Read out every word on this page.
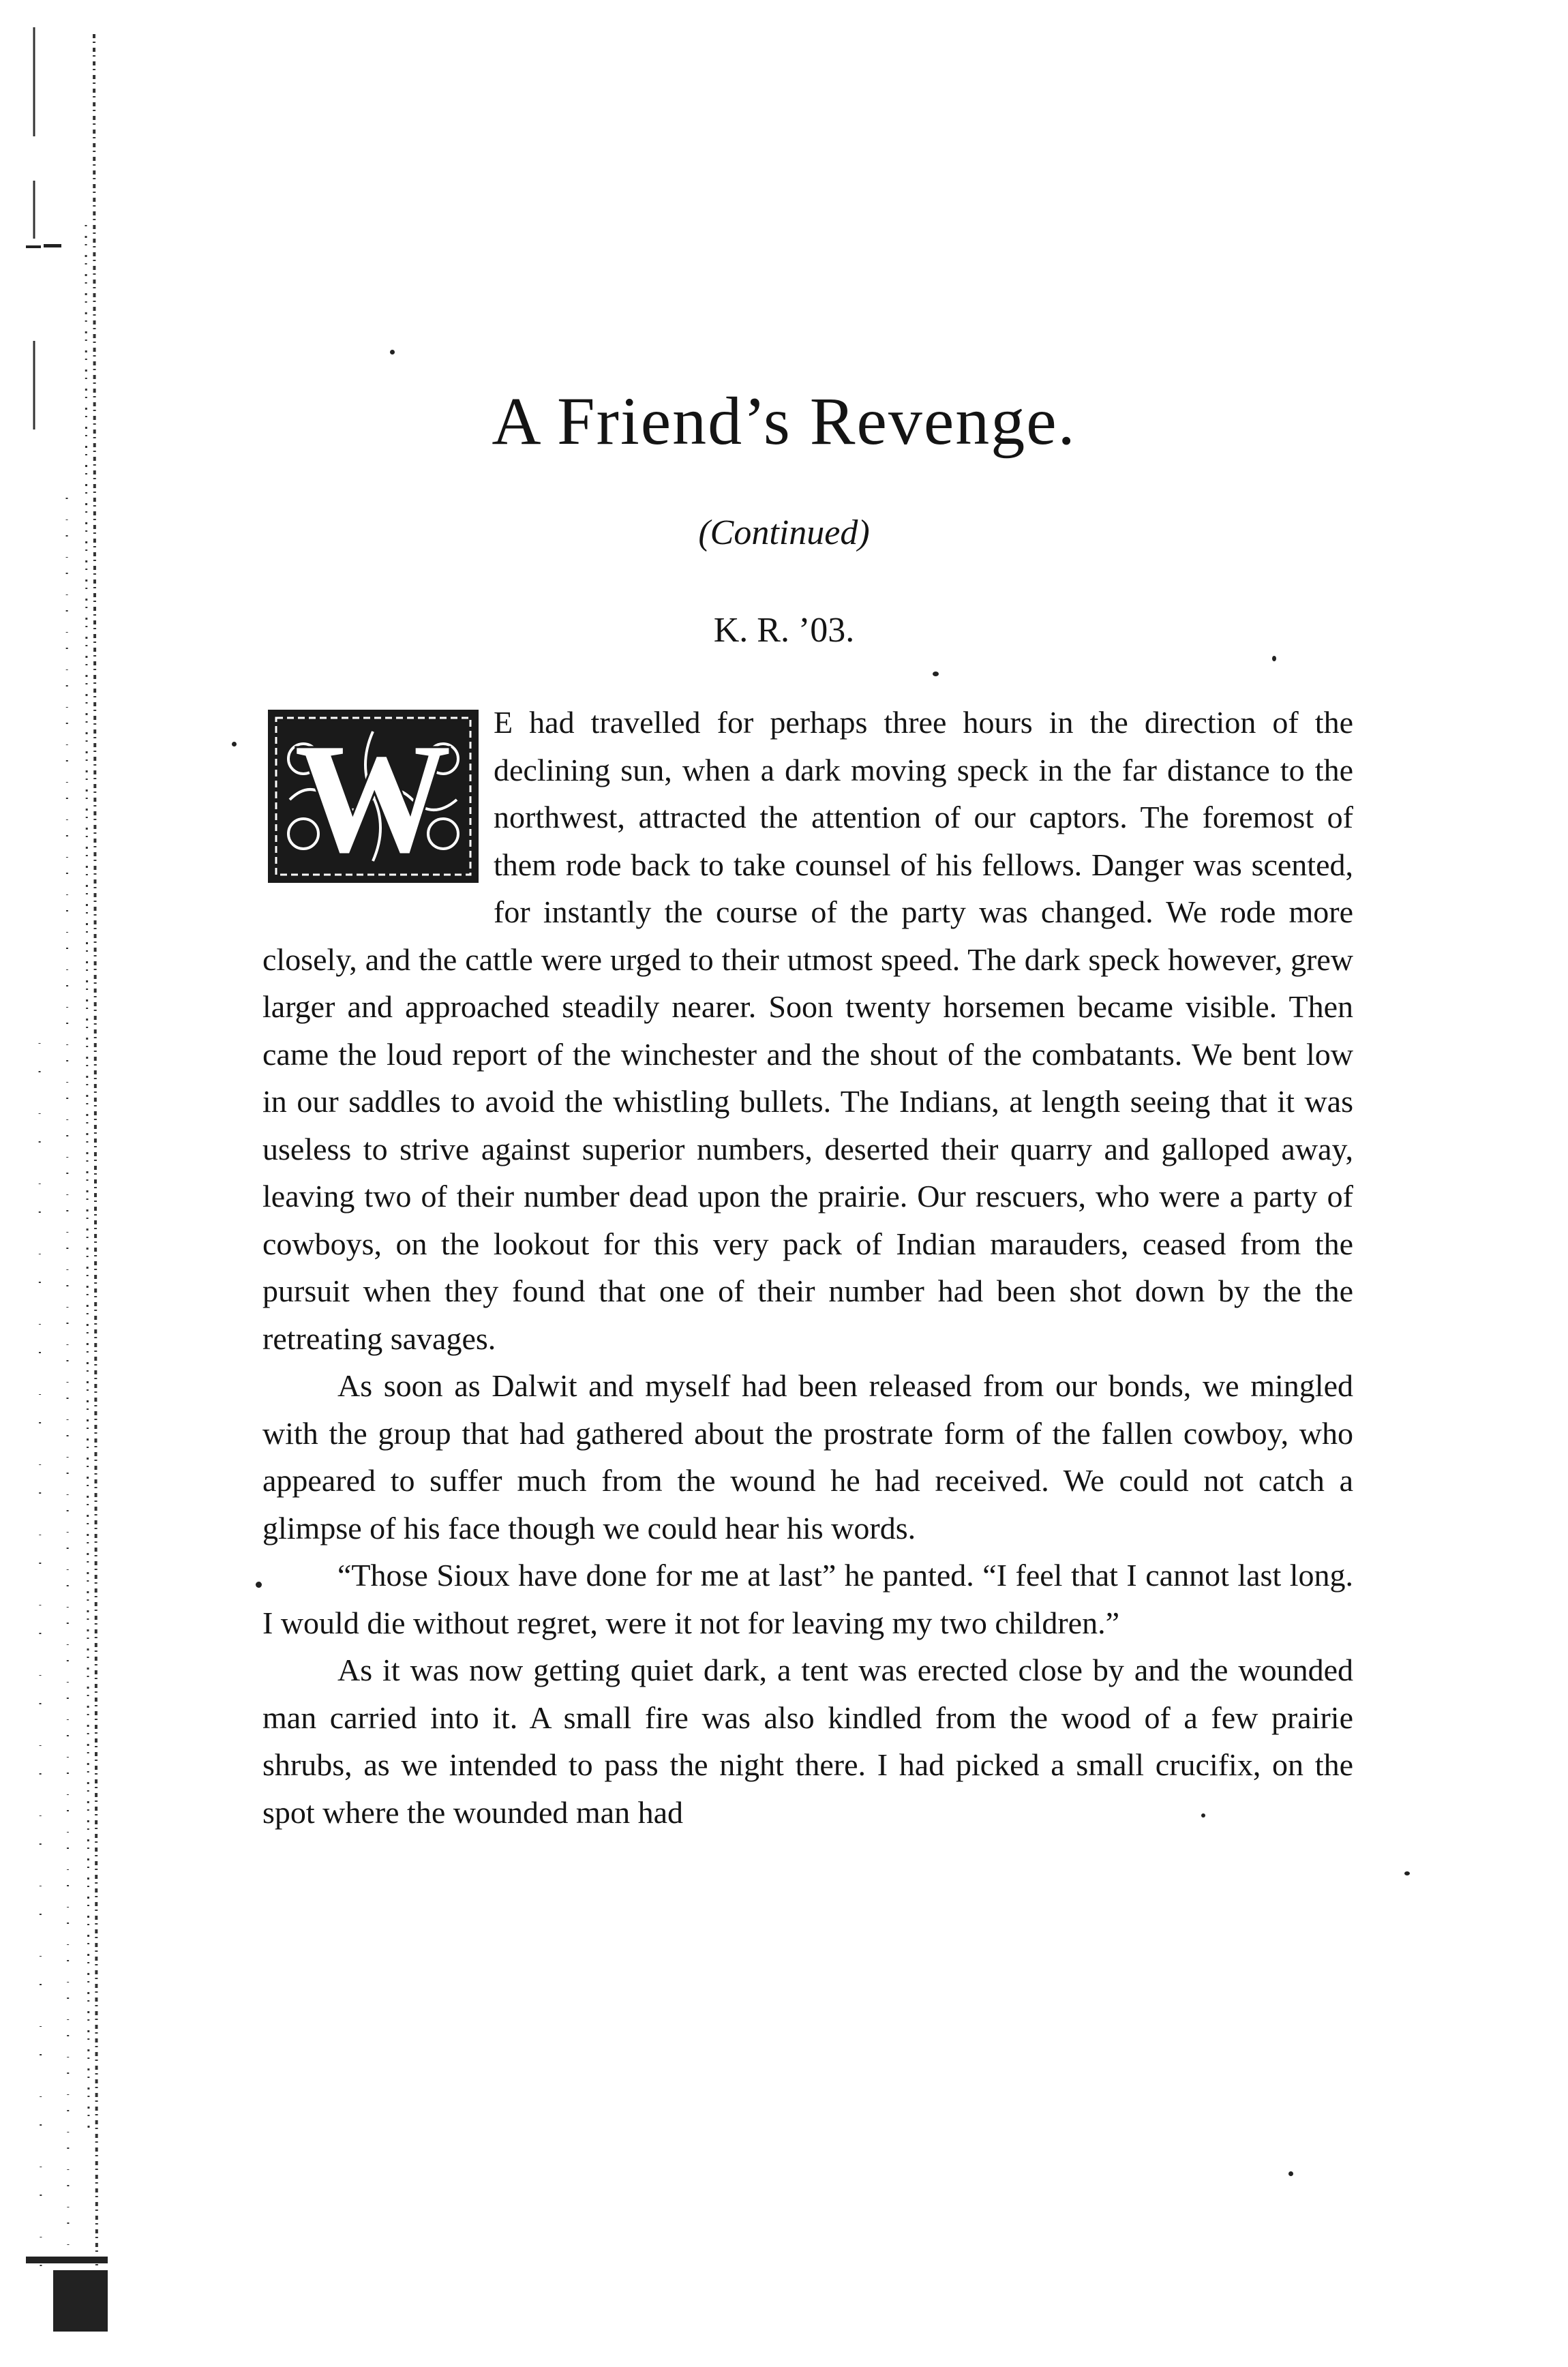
A Friend’s Revenge.
(Continued)
K. R. ’03.

W E had travelled for perhaps three hours in the direction of the declining sun, when a dark moving speck in the far distance to the northwest, attracted the attention of our captors. The foremost of them rode back to take counsel of his fellows. Danger was scented, for instantly the course of the party was changed. We rode more closely, and the cattle were urged to their utmost speed. The dark speck however, grew larger and approached steadily nearer. Soon twenty horsemen became visible. Then came the loud report of the winchester and the shout of the combatants. We bent low in our saddles to avoid the whistling bullets. The Indians, at length seeing that it was useless to strive against superior numbers, deserted their quarry and galloped away, leaving two of their number dead upon the prairie. Our rescuers, who were a party of cowboys, on the lookout for this very pack of Indian marauders, ceased from the pursuit when they found that one of their number had been shot down by the the retreating savages.

As soon as Dalwit and myself had been released from our bonds, we mingled with the group that had gathered about the prostrate form of the fallen cowboy, who appeared to suffer much from the wound he had received. We could not catch a glimpse of his face though we could hear his words.

“Those Sioux have done for me at last” he panted. “I feel that I cannot last long. I would die without regret, were it not for leaving my two children.”

As it was now getting quiet dark, a tent was erected close by and the wounded man carried into it. A small fire was also kindled from the wood of a few prairie shrubs, as we intended to pass the night there. I had picked a small crucifix, on the spot where the wounded man had
